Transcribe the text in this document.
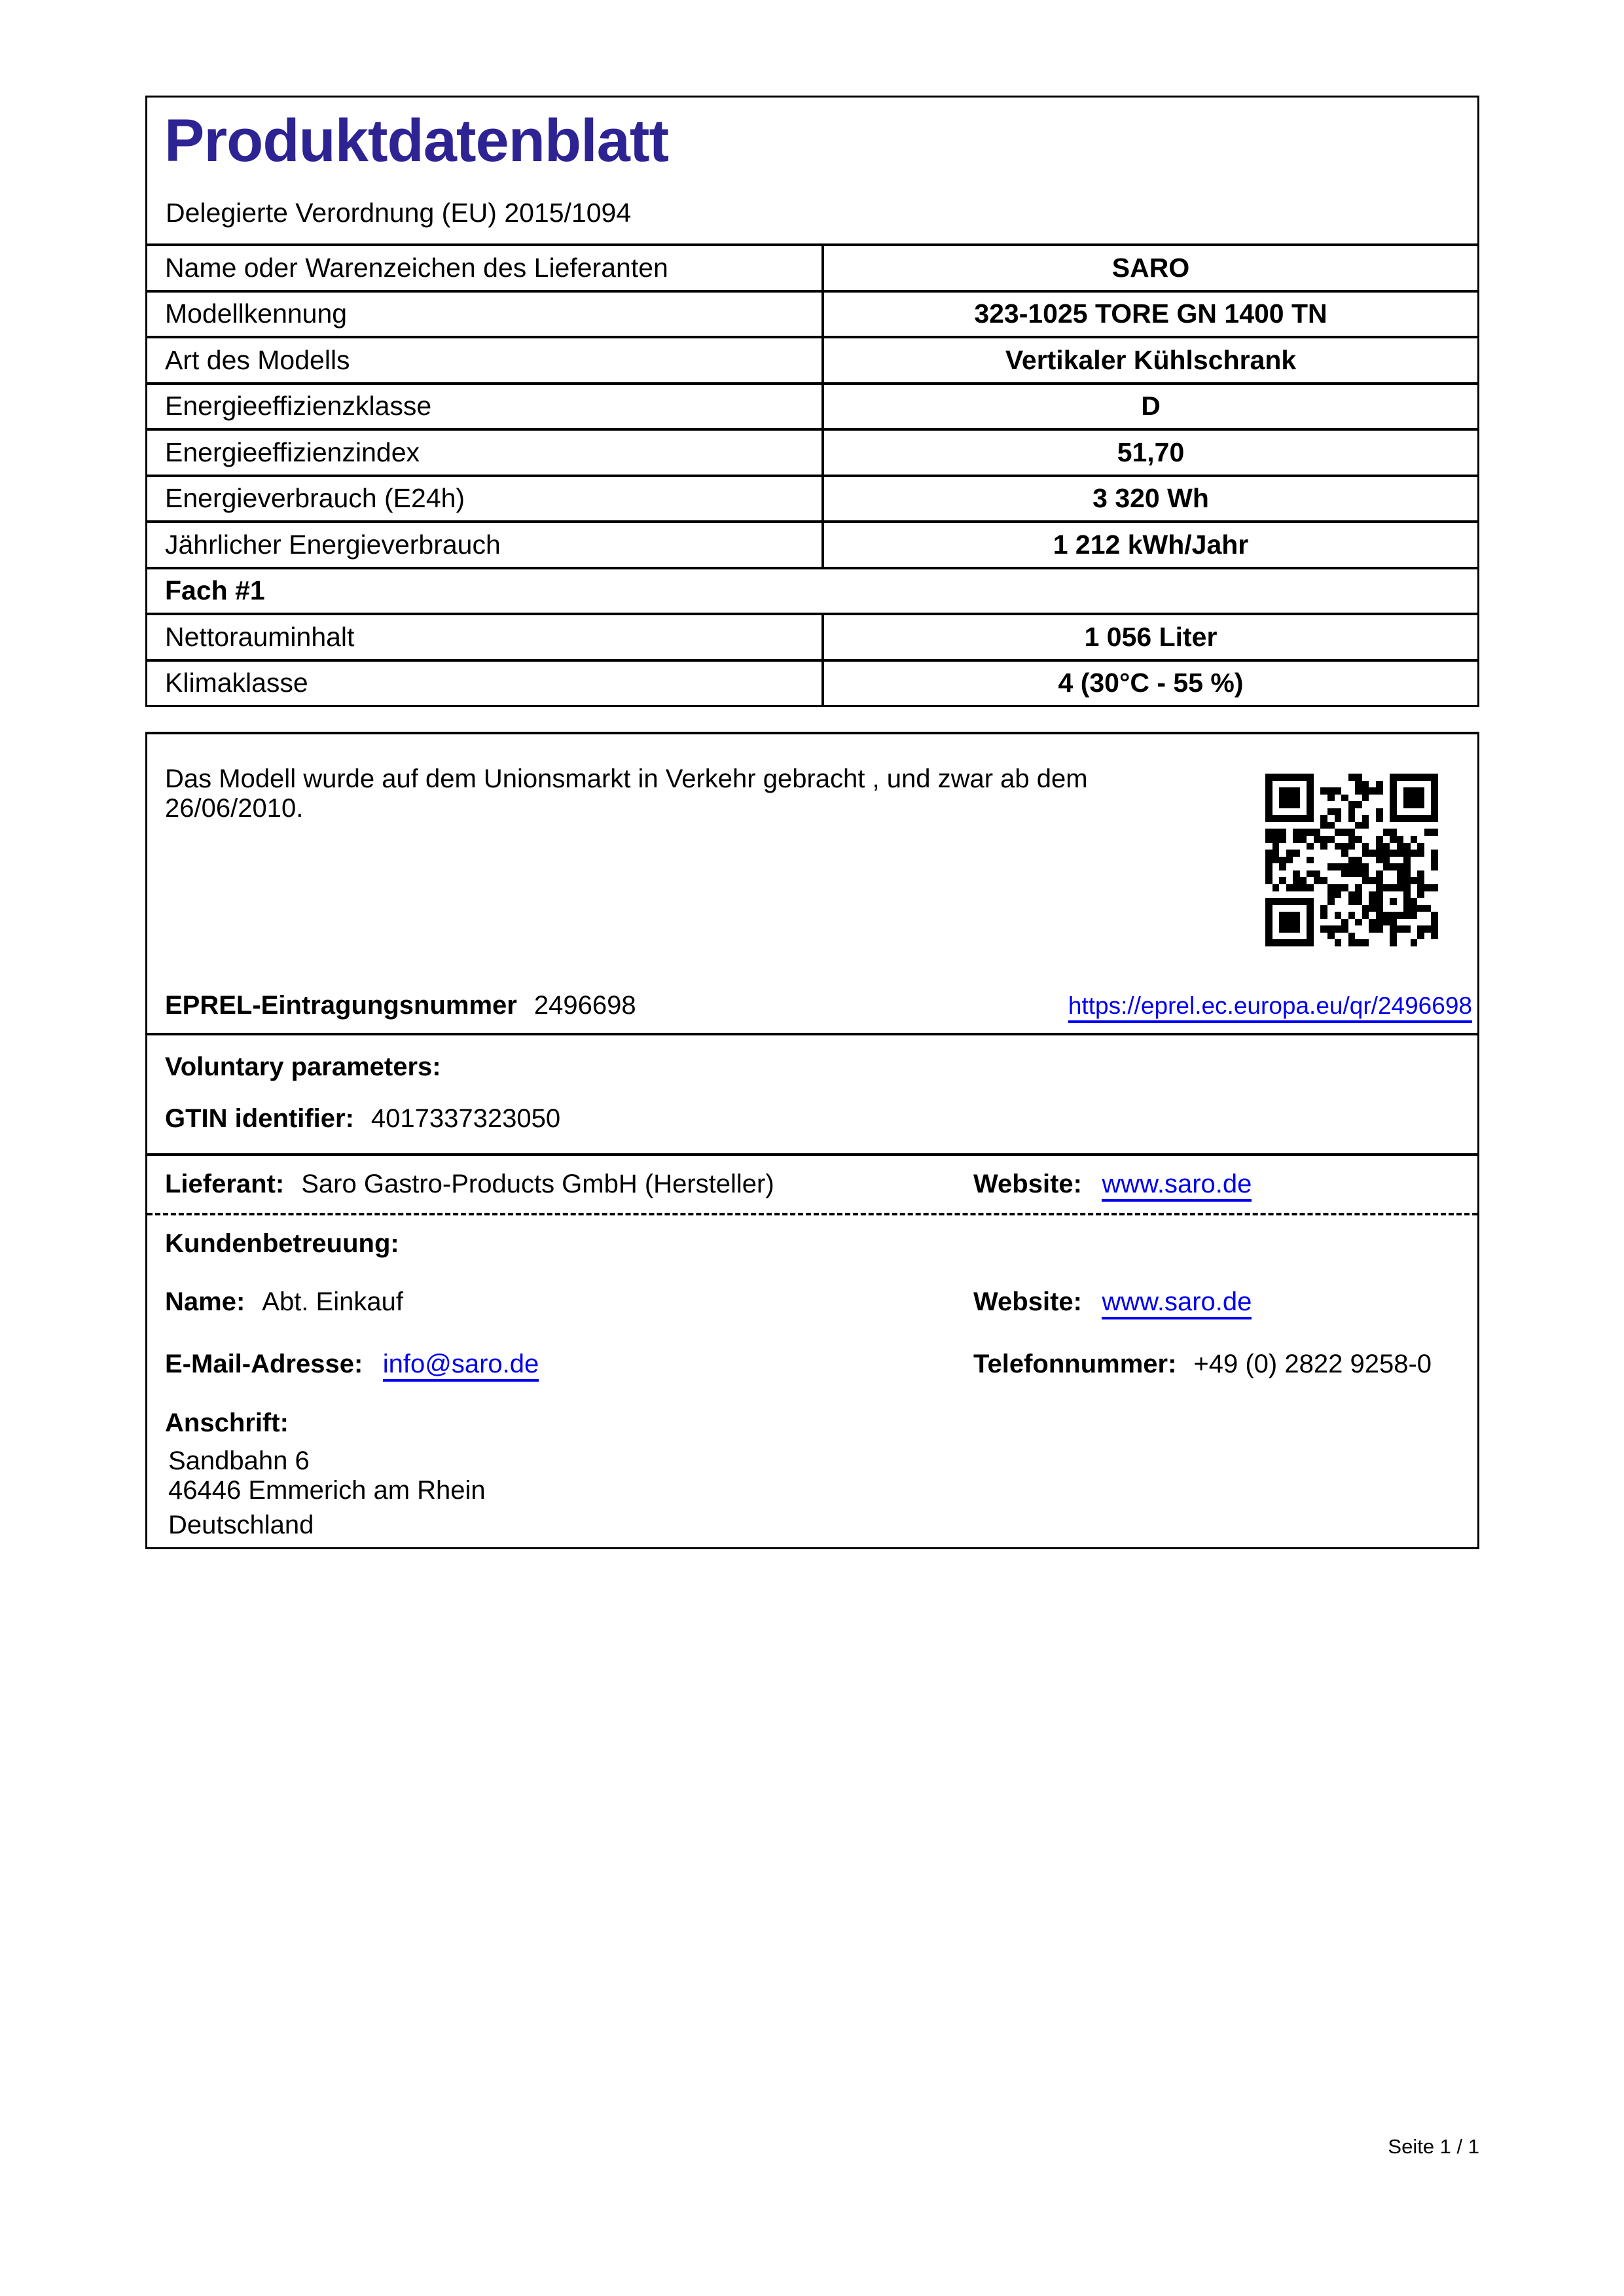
Produktdatenblatt
Delegierte Verordnung (EU) 2015/1094
Name oder Warenzeichen des Lieferanten	SARO
Modellkennung	323-1025 TORE GN 1400 TN
Art des Modells	Vertikaler Kühlschrank
Energieeffizienzklasse	D
Energieeffizienzindex	51,70
Energieverbrauch (E24h)	3 320 Wh
Jährlicher Energieverbrauch	1 212 kWh/Jahr
Fach #1
Nettorauminhalt	1 056 Liter
Klimaklasse	4 (30°C - 55 %)
Das Modell wurde auf dem Unionsmarkt in Verkehr gebracht , und zwar ab dem 26/06/2010.
EPREL-Eintragungsnummer 2496698	https://eprel.ec.europa.eu/qr/2496698
Voluntary parameters:
GTIN identifier: 4017337323050
Lieferant: Saro Gastro-Products GmbH (Hersteller)	Website: www.saro.de
Kundenbetreuung:
Name: Abt. Einkauf	Website: www.saro.de
E-Mail-Adresse: info@saro.de	Telefonnummer: +49 (0) 2822 9258-0
Anschrift:
Sandbahn 6
46446 Emmerich am Rhein
Deutschland
Seite 1 / 1
